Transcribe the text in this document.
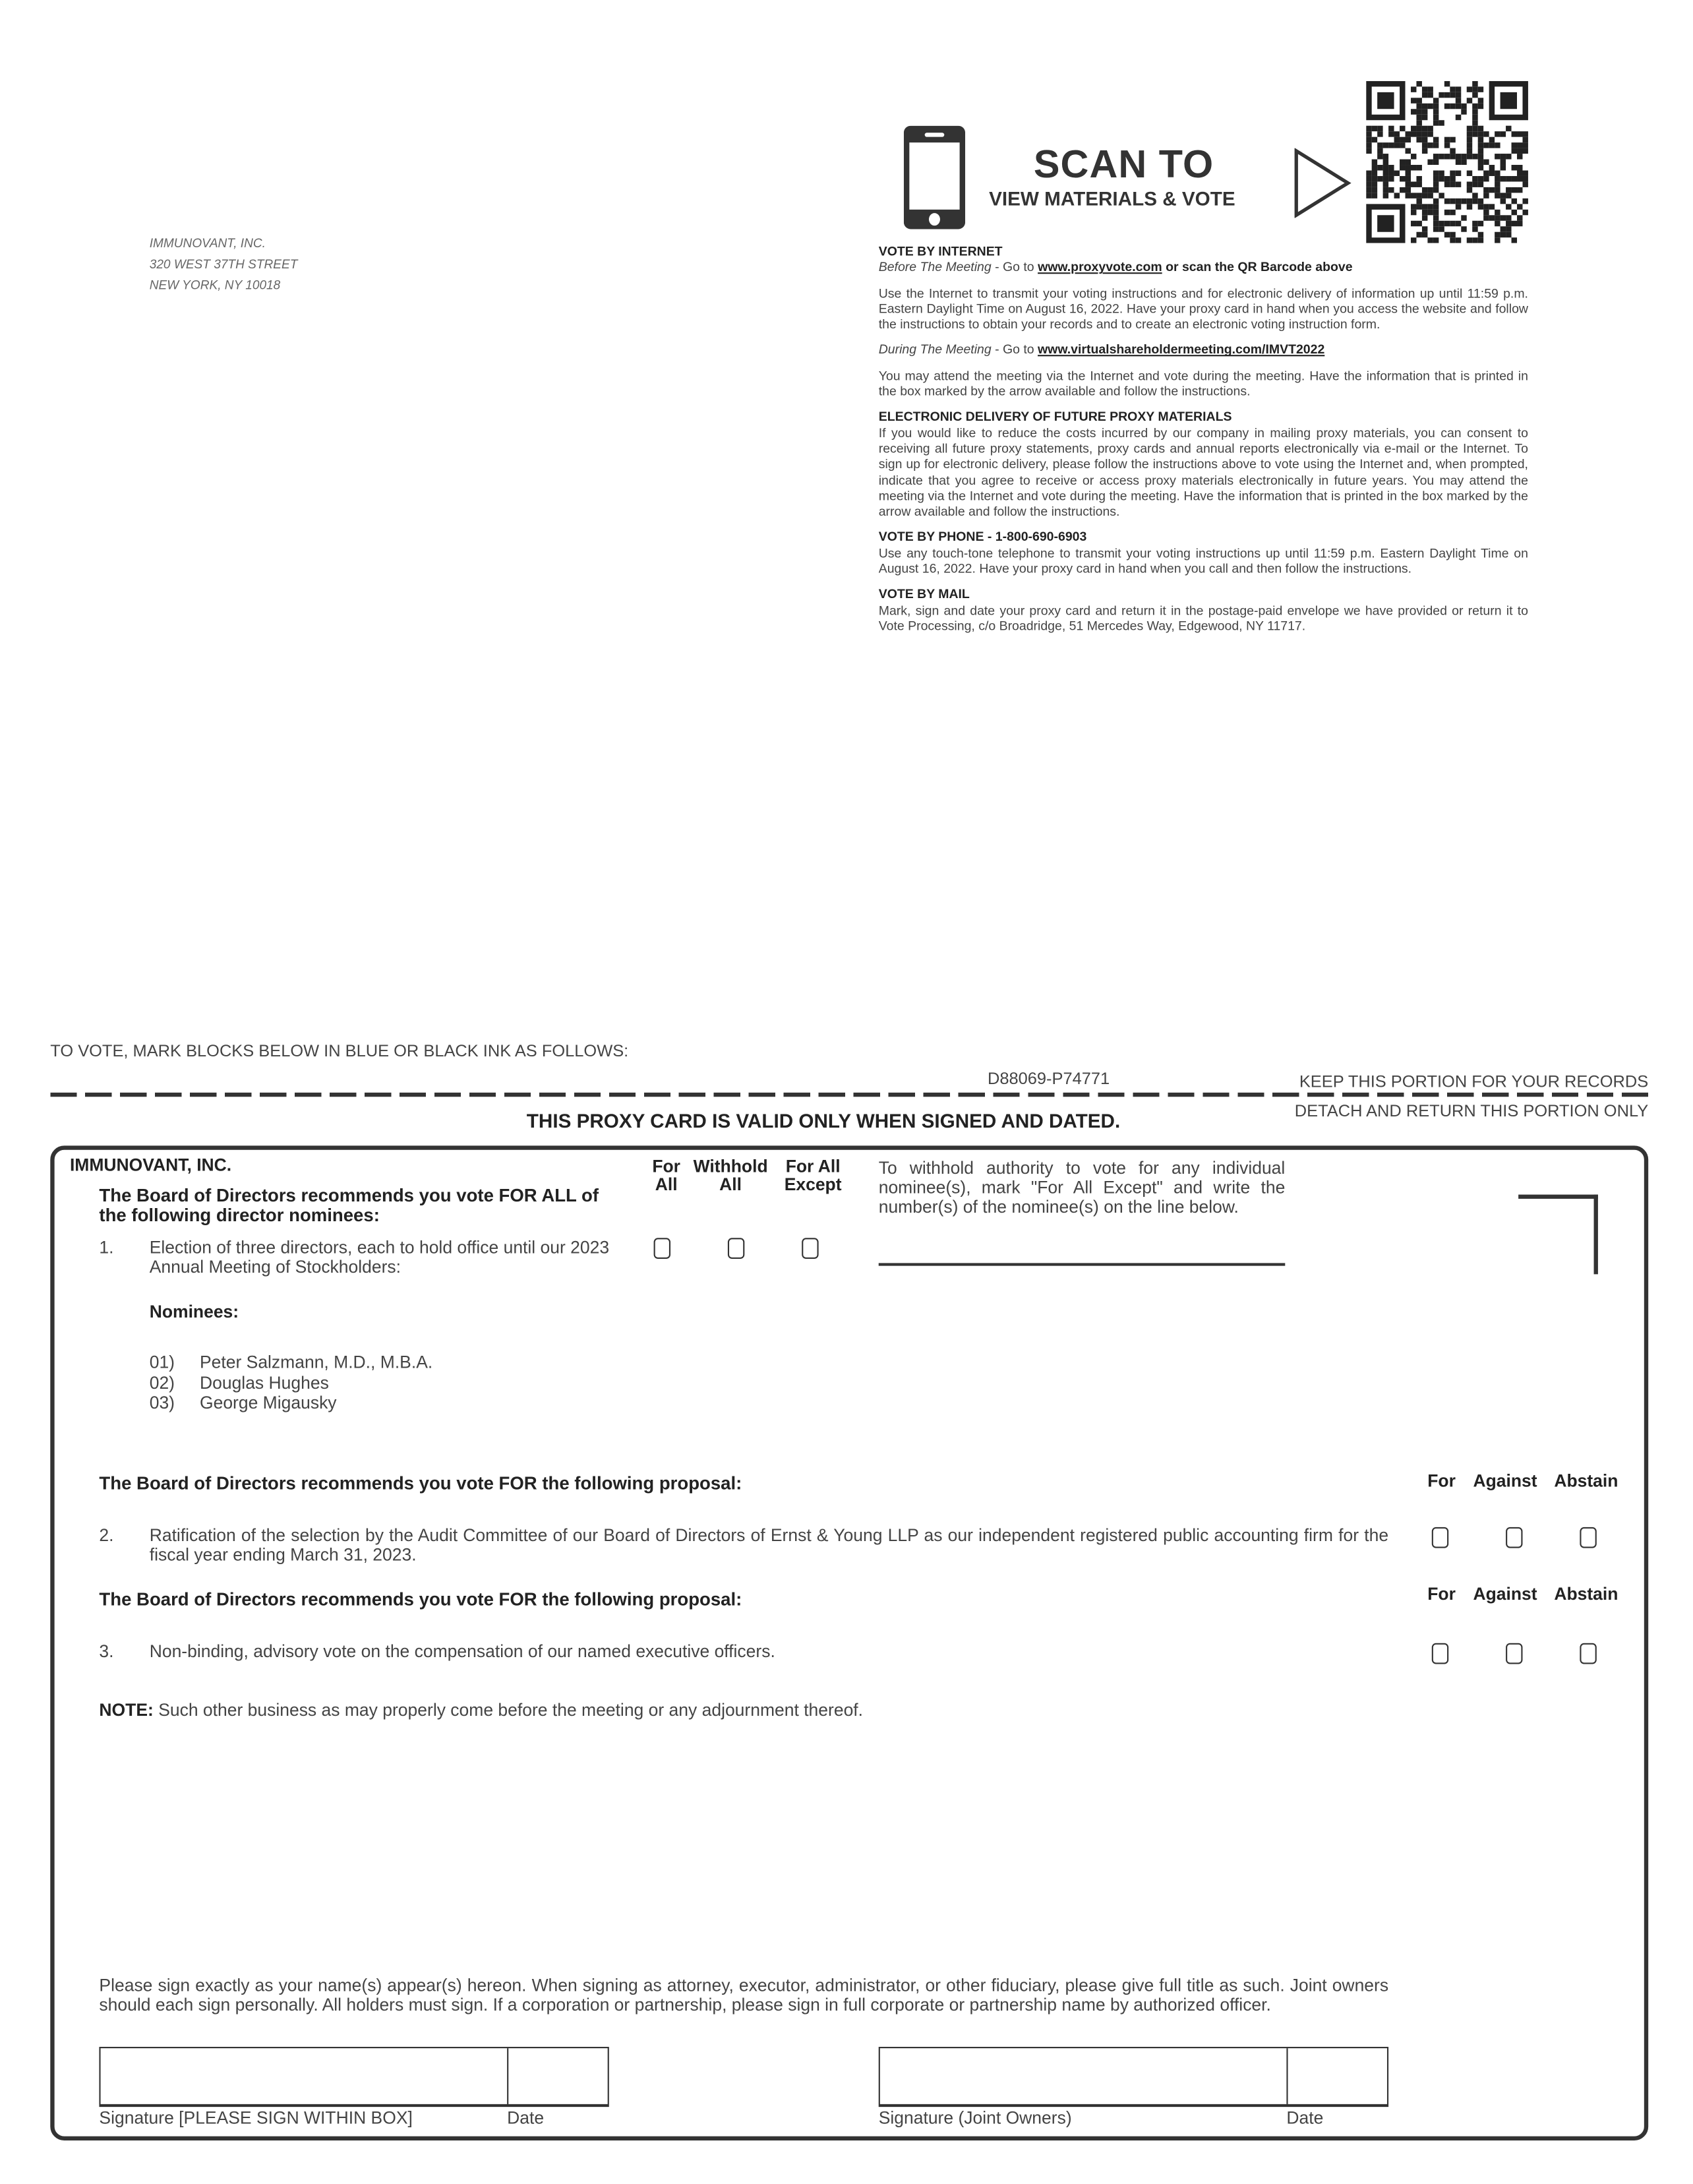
IMMUNOVANT, INC.
320 WEST 37TH STREET
NEW YORK, NY 10018
SCAN TO
VIEW MATERIALS & VOTE
VOTE BY INTERNET

Before The Meeting - Go to www.proxyvote.com or scan the QR Barcode above

Use the Internet to transmit your voting instructions and for electronic delivery of information up until 11:59 p.m. Eastern Daylight Time on August 16, 2022. Have your proxy card in hand when you access the website and follow the instructions to obtain your records and to create an electronic voting instruction form.

During The Meeting - Go to www.virtualshareholdermeeting.com/IMVT2022

You may attend the meeting via the Internet and vote during the meeting. Have the information that is printed in the box marked by the arrow available and follow the instructions.

ELECTRONIC DELIVERY OF FUTURE PROXY MATERIALS

If you would like to reduce the costs incurred by our company in mailing proxy materials, you can consent to receiving all future proxy statements, proxy cards and annual reports electronically via e-mail or the Internet. To sign up for electronic delivery, please follow the instructions above to vote using the Internet and, when prompted, indicate that you agree to receive or access proxy materials electronically in future years. You may attend the meeting via the Internet and vote during the meeting. Have the information that is printed in the box marked by the arrow available and follow the instructions.

VOTE BY PHONE - 1-800-690-6903

Use any touch-tone telephone to transmit your voting instructions up until 11:59 p.m. Eastern Daylight Time on August 16, 2022. Have your proxy card in hand when you call and then follow the instructions.

VOTE BY MAIL

Mark, sign and date your proxy card and return it in the postage-paid envelope we have provided or return it to Vote Processing, c/o Broadridge, 51 Mercedes Way, Edgewood, NY 11717.

TO VOTE, MARK BLOCKS BELOW IN BLUE OR BLACK INK AS FOLLOWS:
D88069-P74771	KEEP THIS PORTION FOR YOUR RECORDS
DETACH AND RETURN THIS PORTION ONLY
THIS PROXY CARD IS VALID ONLY WHEN SIGNED AND DATED.
IMMUNOVANT, INC.
The Board of Directors recommends you vote FOR ALL of the following director nominees:
For
All
Withhold
All
For All
Except
To withhold authority to vote for any individual nominee(s), mark "For All Except" and write the number(s) of the nominee(s) on the line below.
1.	Election of three directors, each to hold office until our 2023 Annual Meeting of Stockholders:
Nominees:
01)	Peter Salzmann, M.D., M.B.A.
02)	Douglas Hughes
03)	George Migausky
The Board of Directors recommends you vote FOR the following proposal:	For	Against	Abstain
2.	Ratification of the selection by the Audit Committee of our Board of Directors of Ernst & Young LLP as our independent registered public accounting firm for the fiscal year ending March 31, 2023.
The Board of Directors recommends you vote FOR the following proposal:	For	Against	Abstain
3.	Non-binding, advisory vote on the compensation of our named executive officers.
NOTE: Such other business as may properly come before the meeting or any adjournment thereof.
Please sign exactly as your name(s) appear(s) hereon. When signing as attorney, executor, administrator, or other fiduciary, please give full title as such. Joint owners should each sign personally. All holders must sign. If a corporation or partnership, please sign in full corporate or partnership name by authorized officer.
Signature [PLEASE SIGN WITHIN BOX]	Date	Signature (Joint Owners)	Date
